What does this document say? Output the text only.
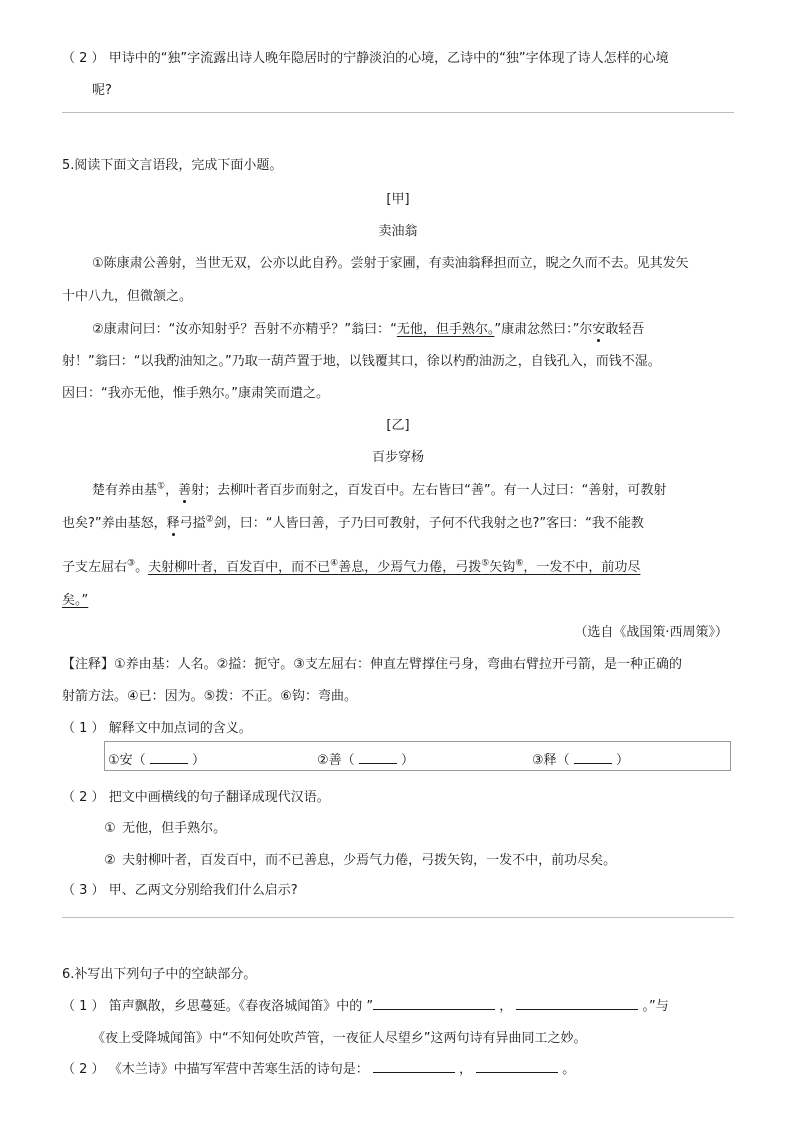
（ 2 ） 甲诗中的“独”字流露出诗人晚年隐居时的宁静淡泊的心境，乙诗中的“独”字体现了诗人怎样的心境
呢?
5.阅读下面文言语段，完成下面小题。
[甲]
卖油翁
①陈康肃公善射，当世无双，公亦以此自矜。尝射于家圃，有卖油翁释担而立，睨之久而不去。见其发矢
十中八九，但微颔之。
②康肃问曰：“汝亦知射乎？吾射不亦精乎？”翁曰：“无他，但手熟尔。”康肃忿然曰：”尔安敢轻吾
射！”翁曰：“以我酌油知之。”乃取一葫芦置于地，以钱覆其口，徐以杓酌油沥之，自钱孔入，而钱不湿。
因曰：“我亦无他，惟手熟尔。”康肃笑而遣之。
[乙]
百步穿杨
楚有养由基①，善射；去柳叶者百步而射之，百发百中。左右皆曰“善”。有一人过曰：“善射，可教射
也矣?”养由基怒，释弓搤②剑，曰：“人皆曰善，子乃曰可教射，子何不代我射之也?”客曰：“我不能教
子支左屈右③。夫射柳叶者，百发百中，而不已④善息，少焉气力倦，弓拨⑤矢钩⑥，一发不中，前功尽
矣。”
（选自《战国策·西周策》）
【注释】①养由基：人名。②搤：扼守。③支左屈右：伸直左臂撑住弓身，弯曲右臂拉开弓箭，是一种正确的
射箭方法。④已：因为。⑤拨：不正。⑥钩：弯曲。
（ 1 ） 解释文中加点词的含义。
①安（	）	②善（	）	③释（	）
（ 2 ） 把文中画横线的句子翻译成现代汉语。
① 无他，但手熟尔。
② 夫射柳叶者，百发百中，而不已善息，少焉气力倦，弓拨矢钩，一发不中，前功尽矣。
（ 3 ） 甲、乙两文分别给我们什么启示?
6.补写出下列句子中的空缺部分。
（ 1 ） 笛声飘散，乡思蔓延。《春夜洛城闻笛》中的 ”	，	。”与
《夜上受降城闻笛》中“不知何处吹芦管，一夜征人尽望乡”这两句诗有异曲同工之妙。
（ 2 ） 《木兰诗》中描写军营中苦寒生活的诗句是：	，	。
